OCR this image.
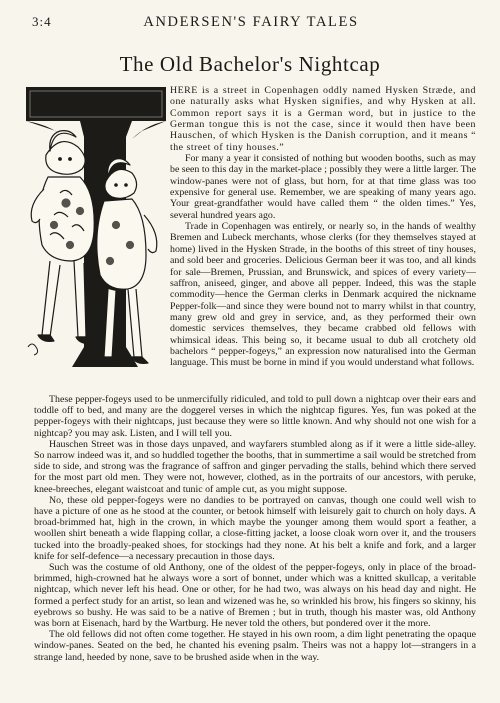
3:4	ANDERSEN'S FAIRY TALES
The Old Bachelor's Nightcap

HERE is a street in Copenhagen oddly named Hysken Stræde, and one naturally asks what Hysken signifies, and why Hysken at all. Common report says it is a German word, but in justice to the German tongue this is not the case, since it would then have been Hauschen, of which Hysken is the Danish corruption, and it means “ the street of tiny houses.”

For many a year it consisted of nothing but wooden booths, such as may be seen to this day in the market-place ; possibly they were a little larger. The window-panes were not of glass, but horn, for at that time glass was too expensive for general use. Remember, we are speaking of many years ago. Your great-grandfather would have called them “ the olden times.” Yes, several hundred years ago.

Trade in Copenhagen was entirely, or nearly so, in the hands of wealthy Bremen and Lubeck merchants, whose clerks (for they themselves stayed at home) lived in the Hysken Strade, in the booths of this street of tiny houses, and sold beer and groceries. Delicious German beer it was too, and all kinds for sale—Bremen, Prussian, and Brunswick, and spices of every variety—saffron, aniseed, ginger, and above all pepper. Indeed, this was the staple commodity—hence the German clerks in Denmark acquired the nickname Pepper-folk—and since they were bound not to marry whilst in that country, many grew old and grey in service, and, as they performed their own domestic services themselves, they became crabbed old fellows with whimsical ideas. This being so, it became usual to dub all crotchety old bachelors “ pepper-fogeys,” an expression now naturalised into the German language. This must be borne in mind if you would understand what follows.

These pepper-fogeys used to be unmercifully ridiculed, and told to pull down a nightcap over their ears and toddle off to bed, and many are the doggerel verses in which the nightcap figures. Yes, fun was poked at the pepper-fogeys with their nightcaps, just because they were so little known. And why should not one wish for a nightcap? you may ask. Listen, and I will tell you.

Hauschen Street was in those days unpaved, and wayfarers stumbled along as if it were a little side-alley. So narrow indeed was it, and so huddled together the booths, that in summertime a sail would be stretched from side to side, and strong was the fragrance of saffron and ginger pervading the stalls, behind which there served for the most part old men. They were not, however, clothed, as in the portraits of our ancestors, with peruke, knee-breeches, elegant waistcoat and tunic of ample cut, as you might suppose.

No, these old pepper-fogeys were no dandies to be portrayed on canvas, though one could well wish to have a picture of one as he stood at the counter, or betook himself with leisurely gait to church on holy days. A broad-brimmed hat, high in the crown, in which maybe the younger among them would sport a feather, a woollen shirt beneath a wide flapping collar, a close-fitting jacket, a loose cloak worn over it, and the trousers tucked into the broadly-peaked shoes, for stockings had they none. At his belt a knife and fork, and a larger knife for self-defence—a necessary precaution in those days.

Such was the costume of old Anthony, one of the oldest of the pepper-fogeys, only in place of the broad-brimmed, high-crowned hat he always wore a sort of bonnet, under which was a knitted skullcap, a veritable nightcap, which never left his head. One or other, for he had two, was always on his head day and night. He formed a perfect study for an artist, so lean and wizened was he, so wrinkled his brow, his fingers so skinny, his eyebrows so bushy. He was said to be a native of Bremen ; but in truth, though his master was, old Anthony was born at Eisenach, hard by the Wartburg. He never told the others, but pondered over it the more.

The old fellows did not often come together. He stayed in his own room, a dim light penetrating the opaque window-panes. Seated on the bed, he chanted his evening psalm. Theirs was not a happy lot—strangers in a strange land, heeded by none, save to be brushed aside when in the way.
